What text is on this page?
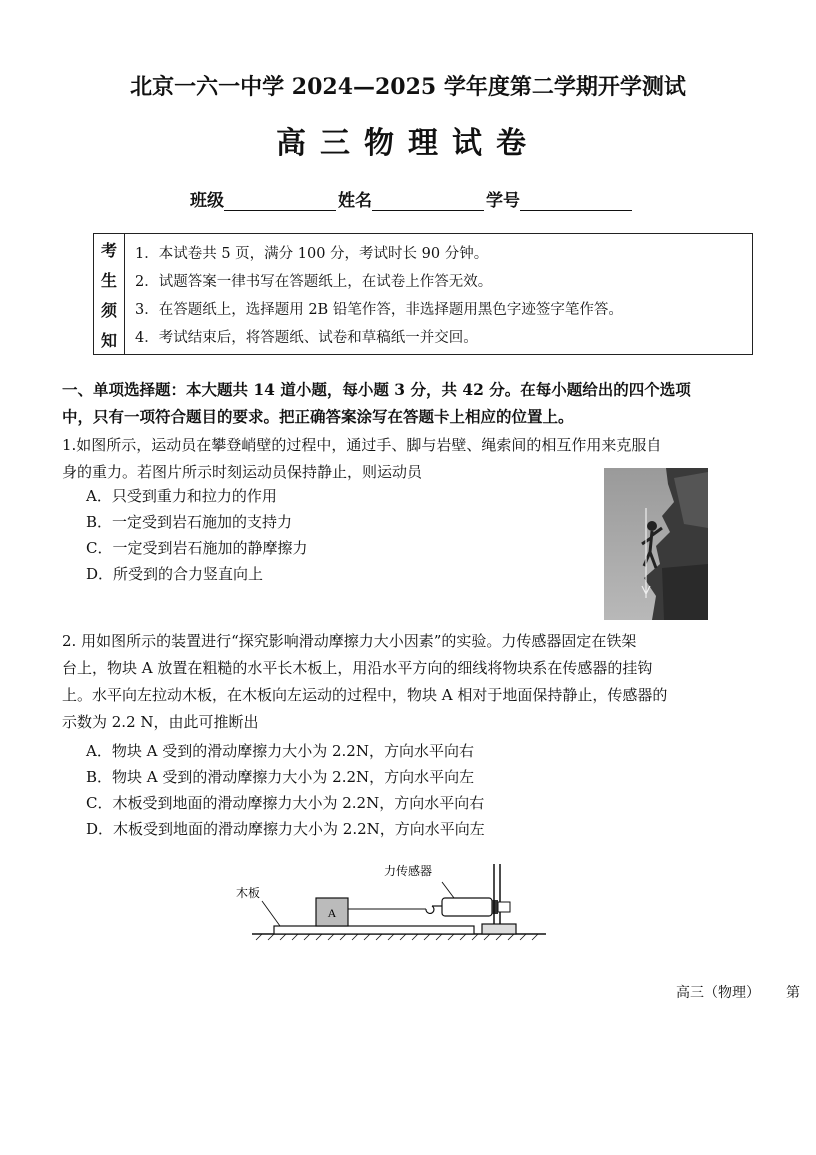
北京一六一中学 2024—2025 学年度第二学期开学测试
高三物理试卷
班级	姓名	学号
考
生
须
知
1．本试卷共 5 页，满分 100 分，考试时长 90 分钟。
2．试题答案一律书写在答题纸上，在试卷上作答无效。
3．在答题纸上，选择题用 2B 铅笔作答，非选择题用黑色字迹签字笔作答。
4．考试结束后，将答题纸、试卷和草稿纸一并交回。
一、单项选择题：本大题共 14 道小题，每小题 3 分，共 42 分。在每小题给出的四个选项
中，只有一项符合题目的要求。把正确答案涂写在答题卡上相应的位置上。
1.如图所示，运动员在攀登峭壁的过程中，通过手、脚与岩壁、绳索间的相互作用来克服自
身的重力。若图片所示时刻运动员保持静止，则运动员
A．只受到重力和拉力的作用
B．一定受到岩石施加的支持力
C．一定受到岩石施加的静摩擦力
D．所受到的合力竖直向上
2. 用如图所示的装置进行“探究影响滑动摩擦力大小因素”的实验。力传感器固定在铁架
台上，物块 A 放置在粗糙的水平长木板上，用沿水平方向的细线将物块系在传感器的挂钩
上。水平向左拉动木板，在木板向左运动的过程中，物块 A 相对于地面保持静止，传感器的
示数为 2.2 N，由此可推断出
A．物块 A 受到的滑动摩擦力大小为 2.2N，方向水平向右
B．物块 A 受到的滑动摩擦力大小为 2.2N，方向水平向左
C．木板受到地面的滑动摩擦力大小为 2.2N，方向水平向右
D．木板受到地面的滑动摩擦力大小为 2.2N，方向水平向左
A
力传感器
木板
高三（物理） 第
